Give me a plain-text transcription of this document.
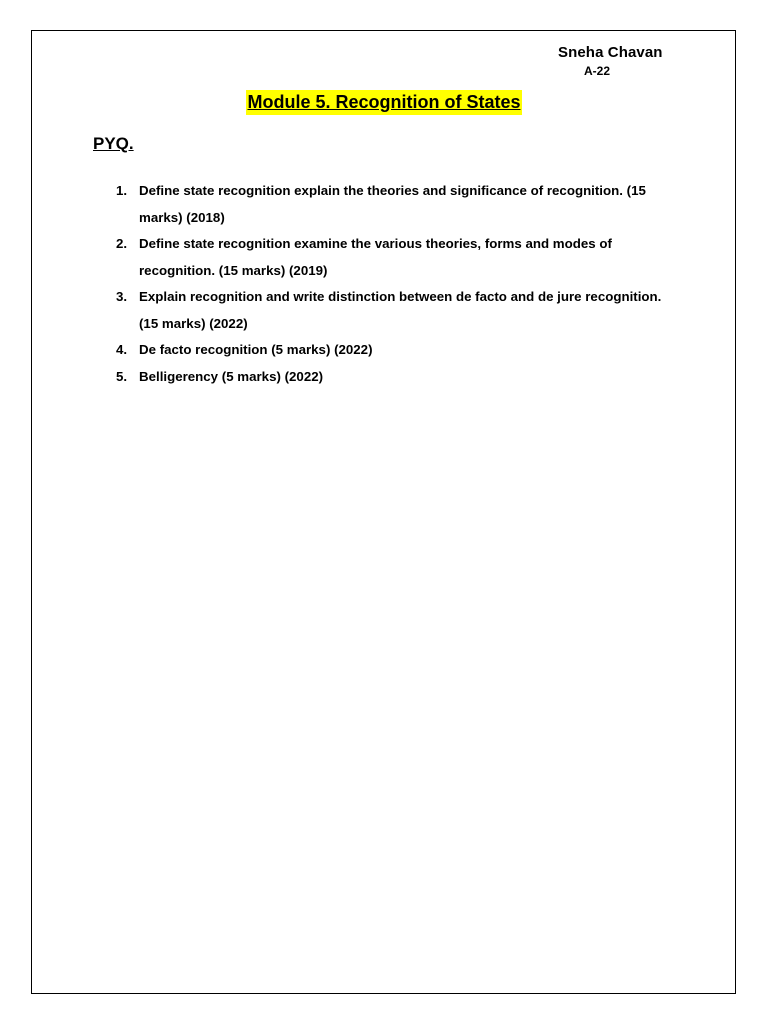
Sneha Chavan
A-22
Module 5. Recognition of States
PYQ.
1. Define state recognition explain the theories and significance of recognition. (15 marks) (2018)
2. Define state recognition examine the various theories, forms and modes of recognition. (15 marks) (2019)
3. Explain recognition and write distinction between de facto and de jure recognition.(15 marks) (2022)
4. De facto recognition (5 marks) (2022)
5. Belligerency (5 marks) (2022)
